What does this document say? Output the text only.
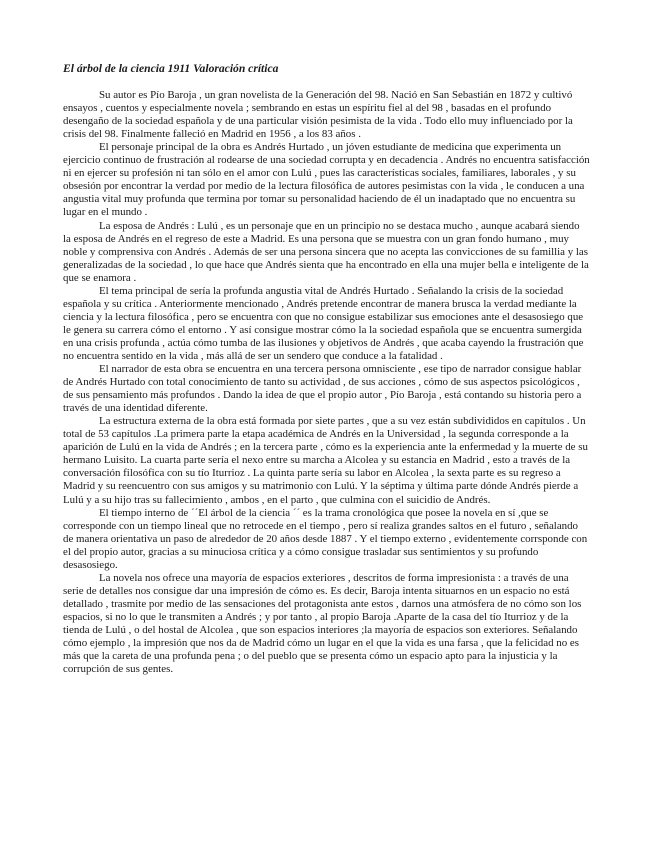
El árbol de la ciencia 1911 Valoración crítica

Su autor es Pío Baroja , un gran novelista de la Generación del 98. Nació en San Sebastián en 1872 y cultivó ensayos , cuentos y especialmente novela ; sembrando en estas un espíritu fiel al del 98 , basadas en el profundo desengaño de la sociedad española y de una particular visión pesimista de la vida . Todo ello muy influenciado por la crisis del 98. Finalmente falleció en Madrid en 1956 , a los 83 años .

El personaje principal de la obra es Andrés Hurtado , un jóven estudiante de medicina que experimenta un ejercicio continuo de frustración al rodearse de una sociedad corrupta y en decadencia . Andrés no encuentra satisfacción ni en ejercer su profesión ni tan sólo en el amor con Lulú , pues las características sociales, familiares, laborales , y su obsesión por encontrar la verdad por medio de la lectura filosófica de autores pesimistas con la vida , le conducen a una angustia vital muy profunda que termina por tomar su personalidad haciendo de él un inadaptado que no encuentra su lugar en el mundo .

La esposa de Andrés : Lulú , es un personaje que en un principio no se destaca mucho , aunque acabará siendo la esposa de Andrés en el regreso de este a Madrid. Es una persona que se muestra con un gran fondo humano , muy noble y comprensiva con Andrés . Además de ser una persona sincera que no acepta las convicciones de su famillia y las generalizadas de la sociedad , lo que hace que Andrés sienta que ha encontrado en ella una mujer bella e inteligente de la que se enamora .

El tema principal de sería la profunda angustia vital de Andrés Hurtado . Señalando la crisis de la sociedad española y su crítica . Anteriormente mencionado , Andrés pretende encontrar de manera brusca la verdad mediante la ciencia y la lectura filosófica , pero se encuentra con que no consigue estabilizar sus emociones ante el desasosiego que le genera su carrera cómo el entorno . Y así consigue mostrar cómo la la sociedad española que se encuentra sumergida en una crisis profunda , actúa cómo tumba de las ilusiones y objetivos de Andrés , que acaba cayendo la frustración que no encuentra sentido en la vida , más allá de ser un sendero que conduce a la fatalidad .

El narrador de esta obra se encuentra en una tercera persona omnisciente , ese tipo de narrador consigue hablar de Andrés Hurtado con total conocimiento de tanto su actividad , de sus acciones , cómo de sus aspectos psicológicos , de sus pensamiento más profundos . Dando la idea de que el propio autor , Pío Baroja , está contando su historia pero a través de una identidad diferente.

La estructura externa de la obra está formada por siete partes , que a su vez están subdivididos en capítulos . Un total de 53 capítulos .La primera parte la etapa académica de Andrés en la Universidad , la segunda corresponde a la aparición de Lulú en la vida de Andrés ; en la tercera parte , cómo es la experiencia ante la enfermedad y la muerte de su hermano Luisito. La cuarta parte sería el nexo entre su marcha a Alcolea y su estancia en Madrid , esto a través de la conversación filosófica con su tío Iturrioz . La quinta parte sería su labor en Alcolea , la sexta parte es su regreso a Madrid y su reencuentro con sus amigos y su matrimonio con Lulú. Y la séptima y última parte dónde Andrés pierde a Lulú y a su hijo tras su fallecimiento , ambos , en el parto , que culmina con el suicidio de Andrés.

El tiempo interno de ´´El árbol de la ciencia ´´ es la trama cronológica que posee la novela en sí ,que se corresponde con un tiempo lineal que no retrocede en el tiempo , pero sí realiza grandes saltos en el futuro , señalando de manera orientativa un paso de alrededor de 20 años desde 1887 . Y el tiempo externo , evidentemente corrsponde con el del propio autor, gracias a su minuciosa crítica y a cómo consigue trasladar sus sentimientos y su profundo desasosiego.

La novela nos ofrece una mayoría de espacios exteriores , descritos de forma impresionista : a través de una serie de detalles nos consigue dar una impresión de cómo es. Es decir, Baroja intenta situarnos en un espacio no está detallado , trasmite por medio de las sensaciones del protagonista ante estos , darnos una atmósfera de no cómo son los espacios, si no lo que le transmiten a Andrés ; y por tanto , al propio Baroja .Aparte de la casa del tío Iturrioz y de la tienda de Lulú , o del hostal de Alcolea , que son espacios interiores ;la mayoría de espacios son exteriores. Señalando cómo ejemplo , la impresión que nos da de Madrid cómo un lugar en el que la vida es una farsa , que la felicidad no es más que la careta de una profunda pena ; o del pueblo que se presenta cómo un espacio apto para la injusticia y la corrupción de sus gentes.
